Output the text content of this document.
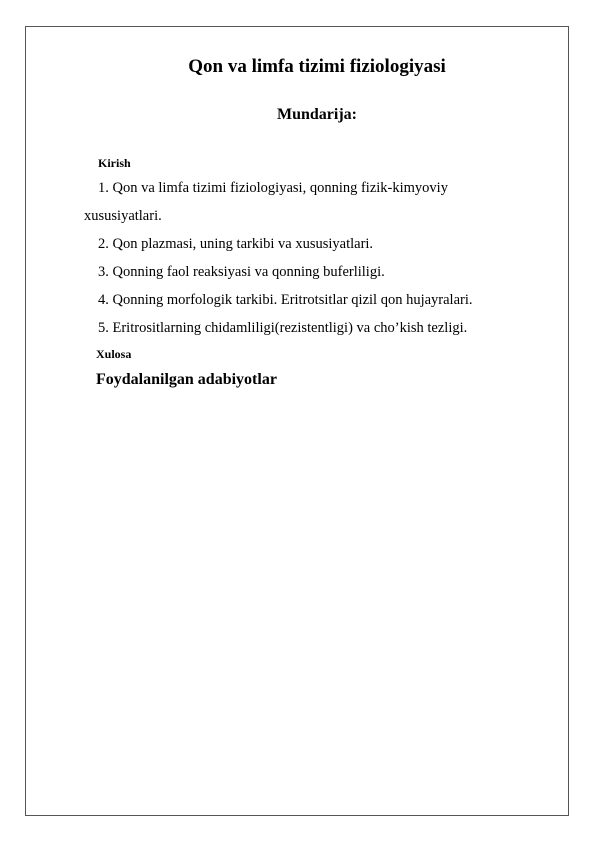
Qon va limfa tizimi fiziologiyasi
Mundarija:
Kirish
1. Qon va limfa tizimi fiziologiyasi, qonning fizik-kimyoviy
xususiyatlari.
2. Qon plazmasi, uning tarkibi va xususiyatlari.
3. Qonning faol reaksiyasi va qonning buferliligi.
4. Qonning morfologik tarkibi. Eritrotsitlar qizil qon hujayralari.
5. Eritrositlarning chidamliligi(rezistentligi) va cho’kish tezligi.
Xulosa
Foydalanilgan adabiyotlar
